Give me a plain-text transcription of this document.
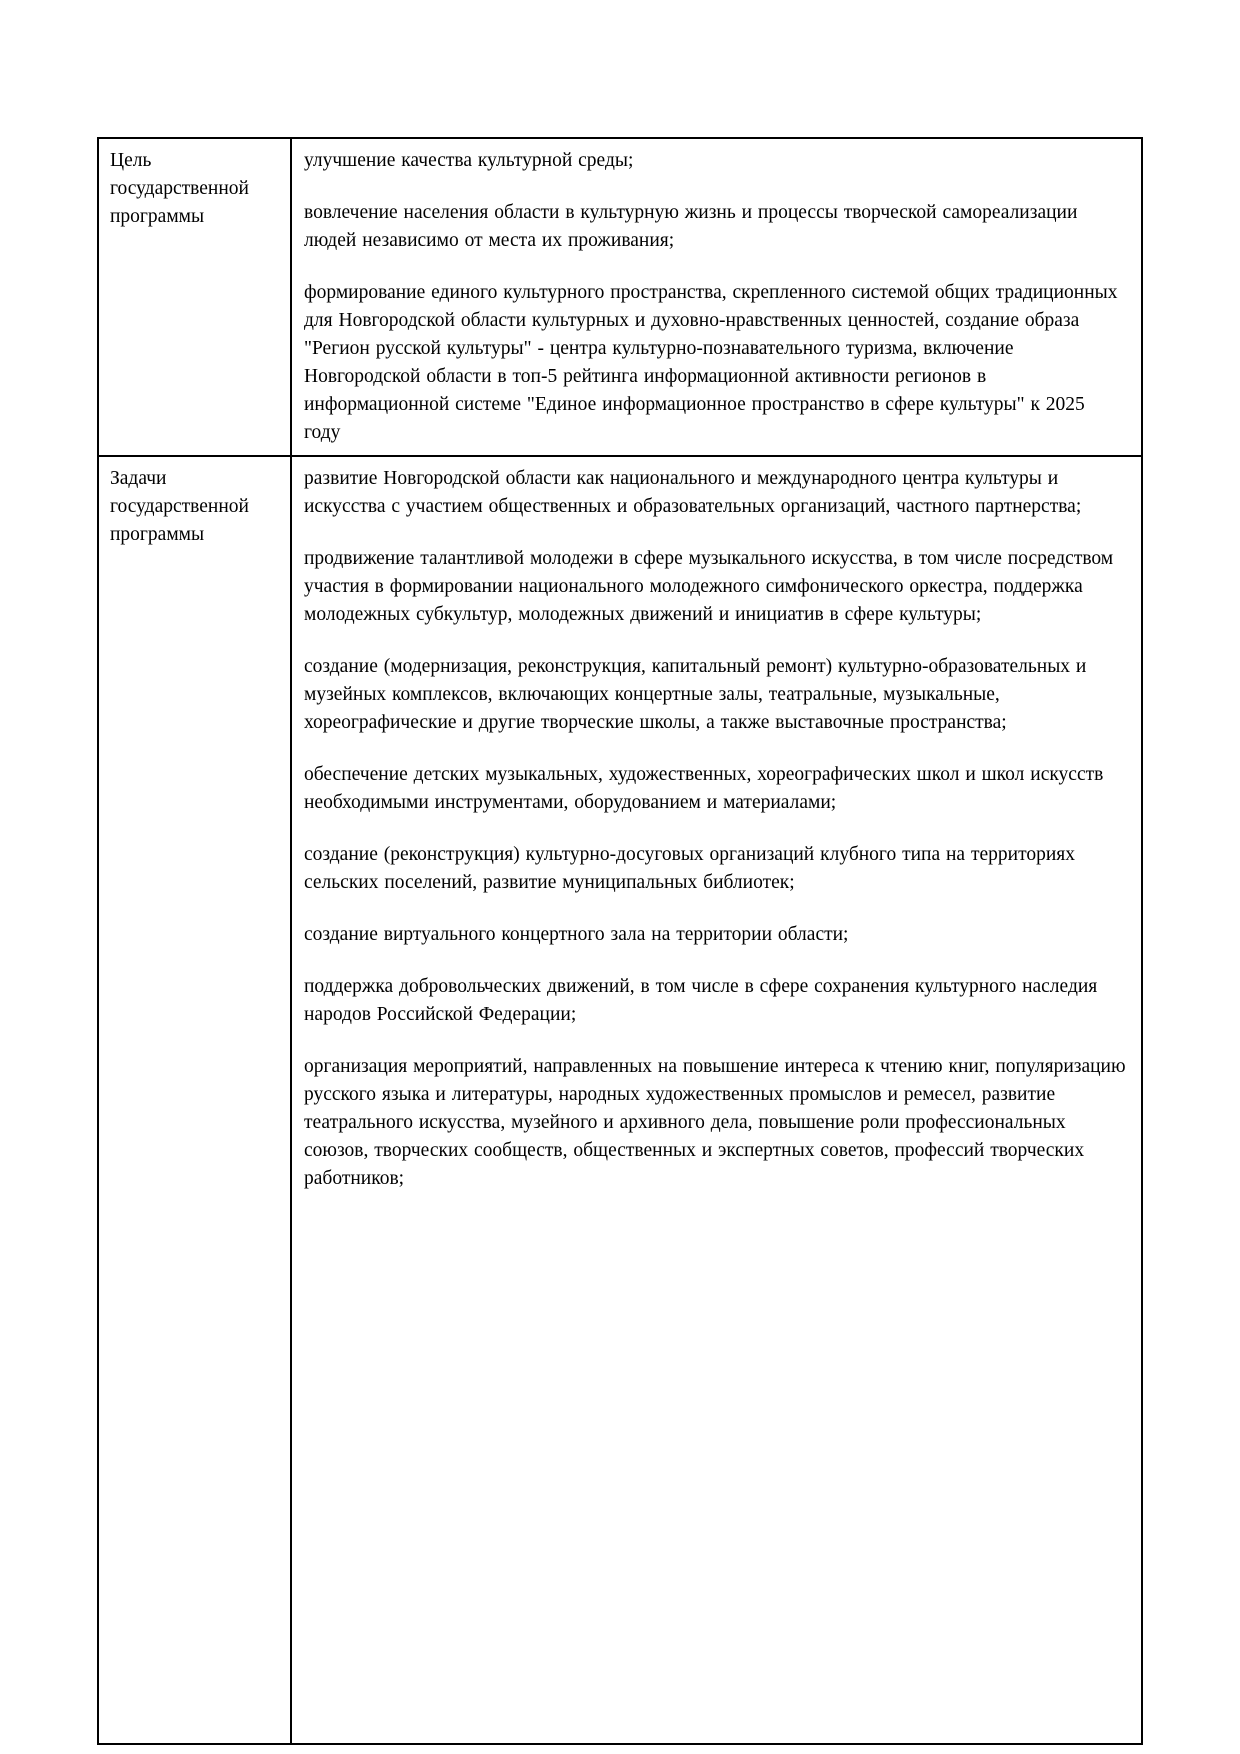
Цель государственной программы

улучшение качества культурной среды;

вовлечение населения области в культурную жизнь и процессы творческой самореализации людей независимо от места их проживания;

формирование единого культурного пространства, скрепленного системой общих традиционных для Новгородской области культурных и духовно-нравственных ценностей, создание образа "Регион русской культуры" - центра культурно-познавательного туризма, включение Новгородской области в топ-5 рейтинга информационной активности регионов в информационной системе "Единое информационное пространство в сфере культуры" к 2025 году

Задачи государственной программы

развитие Новгородской области как национального и международного центра культуры и искусства с участием общественных и образовательных организаций, частного партнерства;

продвижение талантливой молодежи в сфере музыкального искусства, в том числе посредством участия в формировании национального молодежного симфонического оркестра, поддержка молодежных субкультур, молодежных движений и инициатив в сфере культуры;

создание (модернизация, реконструкция, капитальный ремонт) культурно-образовательных и музейных комплексов, включающих концертные залы, театральные, музыкальные, хореографические и другие творческие школы, а также выставочные пространства;

обеспечение детских музыкальных, художественных, хореографических школ и школ искусств необходимыми инструментами, оборудованием и материалами;

создание (реконструкция) культурно-досуговых организаций клубного типа на территориях сельских поселений, развитие муниципальных библиотек;

создание виртуального концертного зала на территории области;

поддержка добровольческих движений, в том числе в сфере сохранения культурного наследия народов Российской Федерации;

организация мероприятий, направленных на повышение интереса к чтению книг, популяризацию русского языка и литературы, народных художественных промыслов и ремесел, развитие театрального искусства, музейного и архивного дела, повышение роли профессиональных союзов, творческих сообществ, общественных и экспертных советов, профессий творческих работников;
